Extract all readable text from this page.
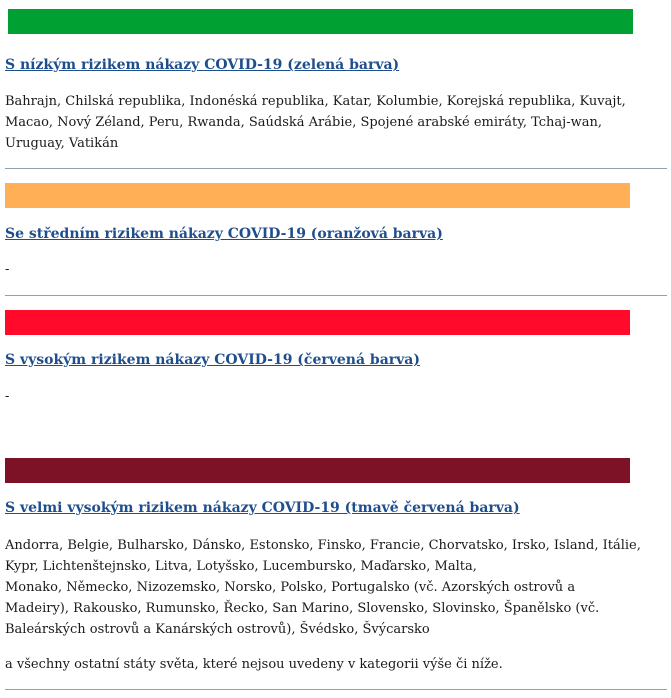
S nízkým rizikem nákazy COVID-19 (zelená barva)

Bahrajn, Chilská republika, Indonéská republika, Katar, Kolumbie, Korejská republika, Kuvajt,

Macao, Nový Zéland, Peru, Rwanda, Saúdská Arábie, Spojené arabské emiráty, Tchaj-wan,

Uruguay, Vatikán

Se středním rizikem nákazy COVID-19 (oranžová barva)

-

S vysokým rizikem nákazy COVID-19 (červená barva)

-

S velmi vysokým rizikem nákazy COVID-19 (tmavě červená barva)

Andorra, Belgie, Bulharsko, Dánsko, Estonsko, Finsko, Francie, Chorvatsko, Irsko, Island, Itálie,

Kypr, Lichtenštejnsko, Litva, Lotyšsko, Lucembursko, Maďarsko, Malta,

Monako, Německo, Nizozemsko, Norsko, Polsko, Portugalsko (vč. Azorských ostrovů a

Madeiry), Rakousko, Rumunsko, Řecko, San Marino, Slovensko, Slovinsko, Španělsko (vč.

Baleárských ostrovů a Kanárských ostrovů), Švédsko, Švýcarsko

a všechny ostatní státy světa, které nejsou uvedeny v kategorii výše či níže.
